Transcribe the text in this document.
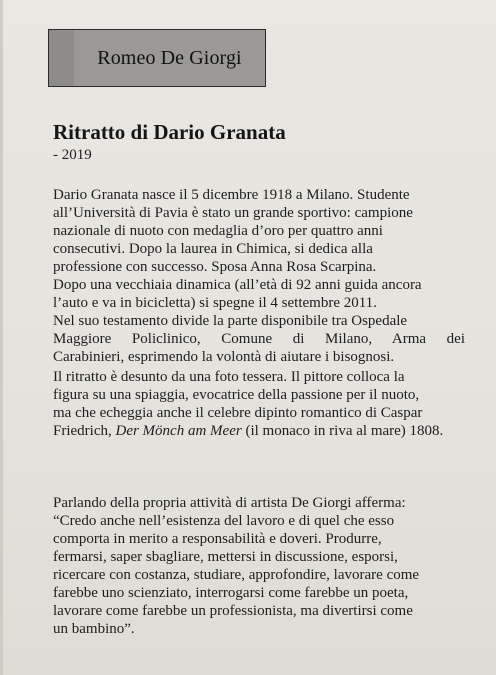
Romeo De Giorgi
Ritratto di Dario Granata
- 2019
Dario Granata nasce il 5 dicembre 1918 a Milano. Studente
all’Università di Pavia è stato un grande sportivo: campione
nazionale di nuoto con medaglia d’oro per quattro anni
consecutivi. Dopo la laurea in Chimica, si dedica alla
professione con successo. Sposa Anna Rosa Scarpina.
Dopo una vecchiaia dinamica (all’età di 92 anni guida ancora
l’auto e va in bicicletta) si spegne il 4 settembre 2011.
Nel suo testamento divide la parte disponibile tra Ospedale
Maggiore Policlinico, Comune di Milano, Arma dei
Carabinieri, esprimendo la volontà di aiutare i bisognosi.
Il ritratto è desunto da una foto tessera. Il pittore colloca la
figura su una spiaggia, evocatrice della passione per il nuoto,
ma che echeggia anche il celebre dipinto romantico di Caspar
Friedrich, Der Mönch am Meer (il monaco in riva al mare) 1808.
Parlando della propria attività di artista De Giorgi afferma:
“Credo anche nell’esistenza del lavoro e di quel che esso
comporta in merito a responsabilità e doveri. Produrre,
fermarsi, saper sbagliare, mettersi in discussione, esporsi,
ricercare con costanza, studiare, approfondire, lavorare come
farebbe uno scienziato, interrogarsi come farebbe un poeta,
lavorare come farebbe un professionista, ma divertirsi come
un bambino”.
